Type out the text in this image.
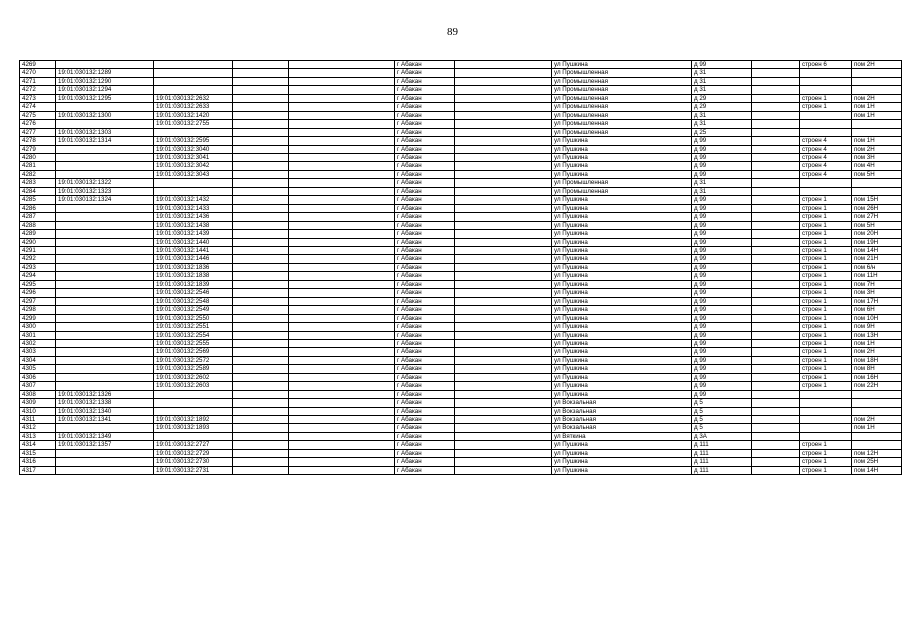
89
4269					г Абакан		ул Пушкина	д 99		строен 6	пом 2Н
4270	19:01:030132:1289				г Абакан		ул Промышленная	д 31			
4271	19:01:030132:1290				г Абакан		ул Промышленная	д 31			
4272	19:01:030132:1294				г Абакан		ул Промышленная	д 31			
4273	19:01:030132:1295	19:01:030132:2632			г Абакан		ул Промышленная	д 29		строен 1	пом 2Н
4274		19:01:030132:2633			г Абакан		ул Промышленная	д 29		строен 1	пом 1Н
4275	19:01:030132:1300	19:01:030132:1420			г Абакан		ул Промышленная	д 31			пом 1Н
4276		19:01:030132:2755			г Абакан		ул Промышленная	д 31			
4277	19:01:030132:1303				г Абакан		ул Промышленная	д 25			
4278	19:01:030132:1314	19:01:030132:2595			г Абакан		ул Пушкина	д 99		строен 4	пом 1Н
4279		19:01:030132:3040			г Абакан		ул Пушкина	д 99		строен 4	пом 2Н
4280		19:01:030132:3041			г Абакан		ул Пушкина	д 99		строен 4	пом 3Н
4281		19:01:030132:3042			г Абакан		ул Пушкина	д 99		строен 4	пом 4Н
4282		19:01:030132:3043			г Абакан		ул Пушкина	д 99		строен 4	пом 5Н
4283	19:01:030132:1322				г Абакан		ул Промышленная	д 31			
4284	19:01:030132:1323				г Абакан		ул Промышленная	д 31			
4285	19:01:030132:1324	19:01:030132:1432			г Абакан		ул Пушкина	д 99		строен 1	пом 15Н
4286		19:01:030132:1433			г Абакан		ул Пушкина	д 99		строен 1	пом 26Н
4287		19:01:030132:1436			г Абакан		ул Пушкина	д 99		строен 1	пом 27Н
4288		19:01:030132:1438			г Абакан		ул Пушкина	д 99		строен 1	пом 5Н
4289		19:01:030132:1439			г Абакан		ул Пушкина	д 99		строен 1	пом 20Н
4290		19:01:030132:1440			г Абакан		ул Пушкина	д 99		строен 1	пом 19Н
4291		19:01:030132:1441			г Абакан		ул Пушкина	д 99		строен 1	пом 14Н
4292		19:01:030132:1446			г Абакан		ул Пушкина	д 99		строен 1	пом 21Н
4293		19:01:030132:1836			г Абакан		ул Пушкина	д 99		строен 1	пом 6/н
4294		19:01:030132:1838			г Абакан		ул Пушкина	д 99		строен 1	пом 11Н
4295		19:01:030132:1839			г Абакан		ул Пушкина	д 99		строен 1	пом 7Н
4296		19:01:030132:2546			г Абакан		ул Пушкина	д 99		строен 1	пом 3Н
4297		19:01:030132:2548			г Абакан		ул Пушкина	д 99		строен 1	пом 17Н
4298		19:01:030132:2549			г Абакан		ул Пушкина	д 99		строен 1	пом 6Н
4299		19:01:030132:2550			г Абакан		ул Пушкина	д 99		строен 1	пом 10Н
4300		19:01:030132:2551			г Абакан		ул Пушкина	д 99		строен 1	пом 9Н
4301		19:01:030132:2554			г Абакан		ул Пушкина	д 99		строен 1	пом 13Н
4302		19:01:030132:2555			г Абакан		ул Пушкина	д 99		строен 1	пом 1Н
4303		19:01:030132:2569			г Абакан		ул Пушкина	д 99		строен 1	пом 2Н
4304		19:01:030132:2572			г Абакан		ул Пушкина	д 99		строен 1	пом 18Н
4305		19:01:030132:2589			г Абакан		ул Пушкина	д 99		строен 1	пом 8Н
4306		19:01:030132:2602			г Абакан		ул Пушкина	д 99		строен 1	пом 16Н
4307		19:01:030132:2603			г Абакан		ул Пушкина	д 99		строен 1	пом 22Н
4308	19:01:030132:1326				г Абакан		ул Пушкина	д 99			
4309	19:01:030132:1338				г Абакан		ул Вокзальная	д 5			
4310	19:01:030132:1340				г Абакан		ул Вокзальная	д 5			
4311	19:01:030132:1341	19:01:030132:1892			г Абакан		ул Вокзальная	д 5			пом 2Н
4312		19:01:030132:1893			г Абакан		ул Вокзальная	д 5			пом 1Н
4313	19:01:030132:1349				г Абакан		ул Вяткина	д 3А			
4314	19:01:030132:1357	19:01:030132:2727			г Абакан		ул Пушкина	д 111		строен 1	
4315		19:01:030132:2729			г Абакан		ул Пушкина	д 111		строен 1	пом 12Н
4316		19:01:030132:2730			г Абакан		ул Пушкина	д 111		строен 1	пом 25Н
4317		19:01:030132:2731			г Абакан		ул Пушкина	д 111		строен 1	пом 14Н
